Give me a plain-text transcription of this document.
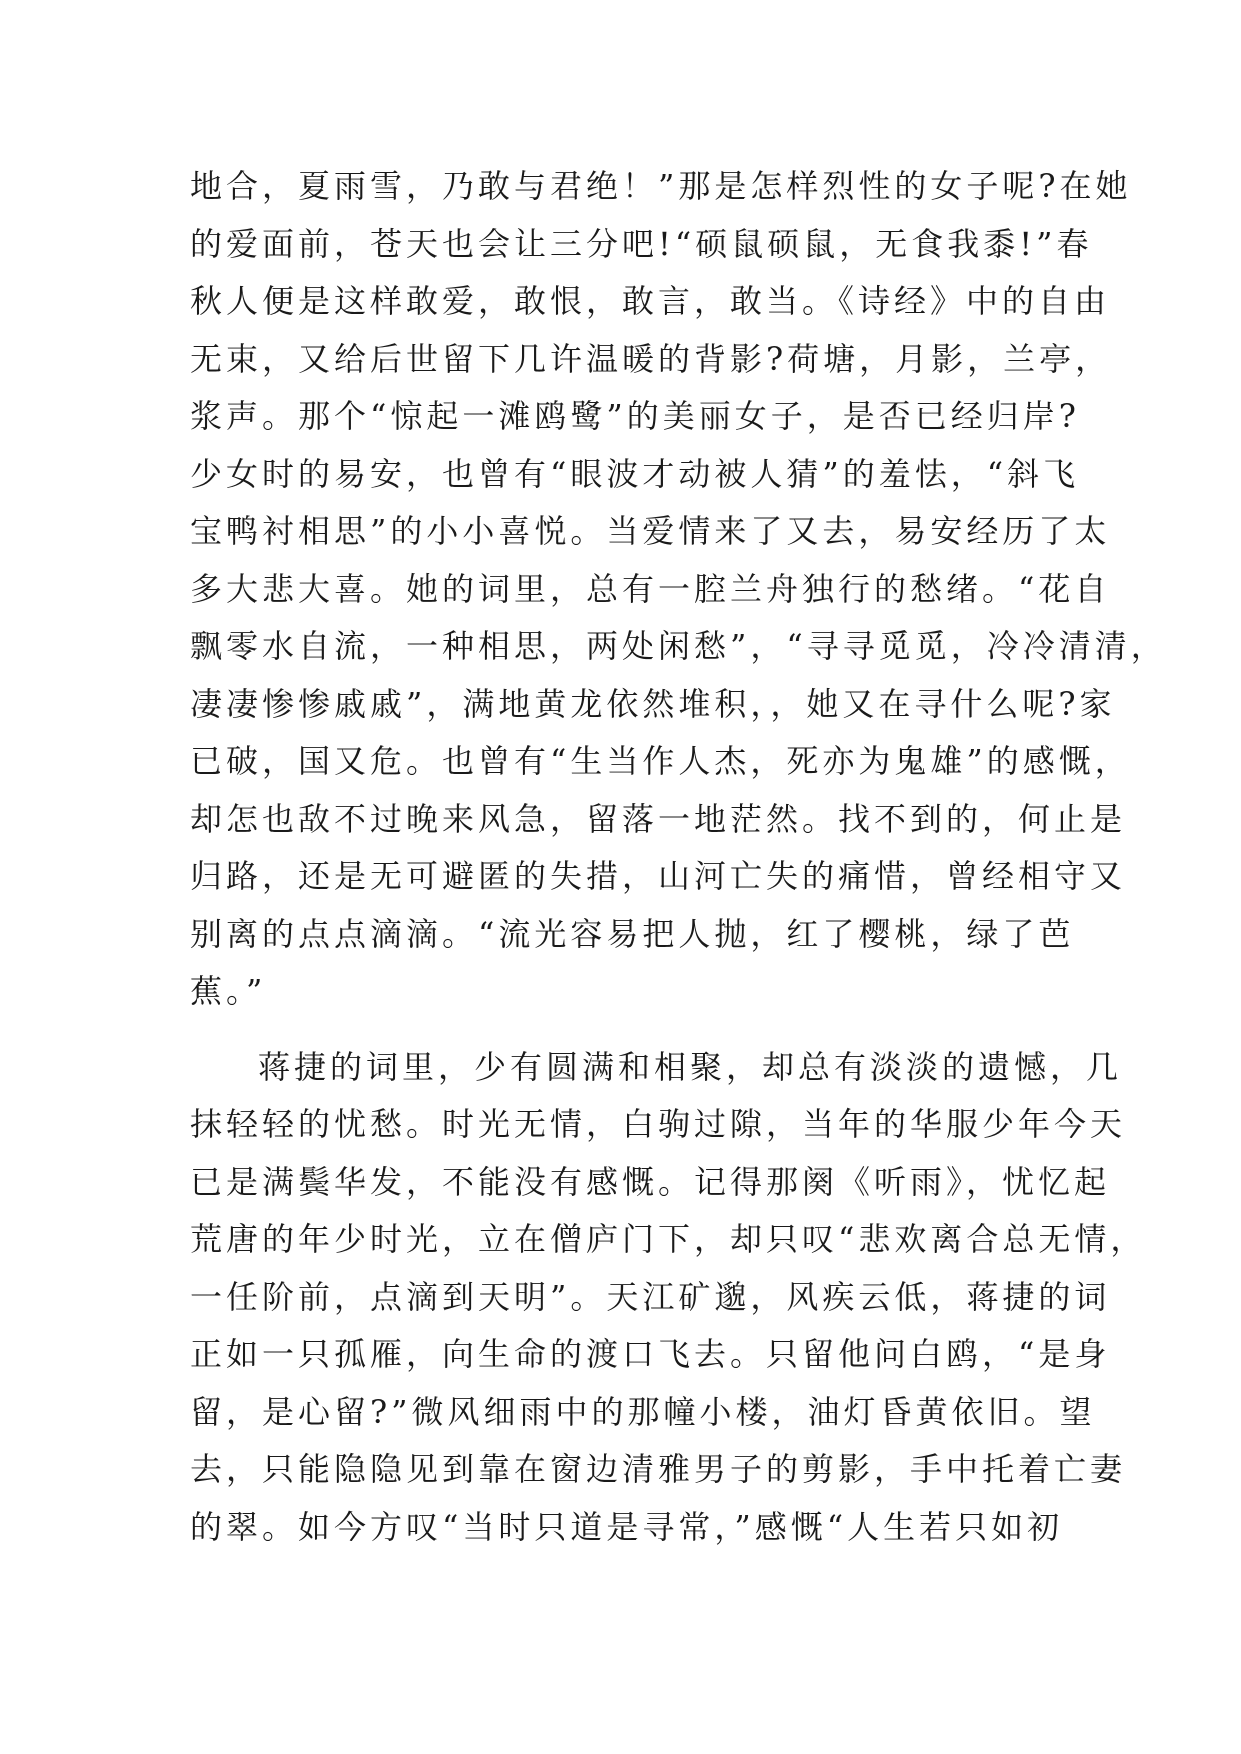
地合，夏雨雪，乃敢与君绝！”那是怎样烈性的女子呢?在她
的爱面前，苍天也会让三分吧!“硕鼠硕鼠，无食我黍!”春
秋人便是这样敢爱，敢恨，敢言，敢当。《诗经》中的自由
无束，又给后世留下几许温暖的背影?荷塘，月影，兰亭，
浆声。那个“惊起一滩鸥鹭”的美丽女子，是否已经归岸?
少女时的易安，也曾有“眼波才动被人猜”的羞怯，“斜飞
宝鸭衬相思”的小小喜悦。当爱情来了又去，易安经历了太
多大悲大喜。她的词里，总有一腔兰舟独行的愁绪。“花自
飘零水自流，一种相思，两处闲愁”，“寻寻觅觅，冷冷清清，
凄凄惨惨戚戚”，满地黄龙依然堆积，，她又在寻什么呢?家
已破，国又危。也曾有“生当作人杰，死亦为鬼雄”的感慨，
却怎也敌不过晚来风急，留落一地茫然。找不到的，何止是
归路，还是无可避匿的失措，山河亡失的痛惜，曾经相守又
别离的点点滴滴。“流光容易把人抛，红了樱桃，绿了芭
蕉。”
蒋捷的词里，少有圆满和相聚，却总有淡淡的遗憾，几
抹轻轻的忧愁。时光无情，白驹过隙，当年的华服少年今天
已是满鬓华发，不能没有感慨。记得那阕《听雨》，忧忆起
荒唐的年少时光，立在僧庐门下，却只叹“悲欢离合总无情，
一任阶前，点滴到天明”。天江矿邈，风疾云低，蒋捷的词
正如一只孤雁，向生命的渡口飞去。只留他问白鸥，“是身
留，是心留?”微风细雨中的那幢小楼，油灯昏黄依旧。望
去，只能隐隐见到靠在窗边清雅男子的剪影，手中托着亡妻
的翠。如今方叹“当时只道是寻常，”感慨“人生若只如初
